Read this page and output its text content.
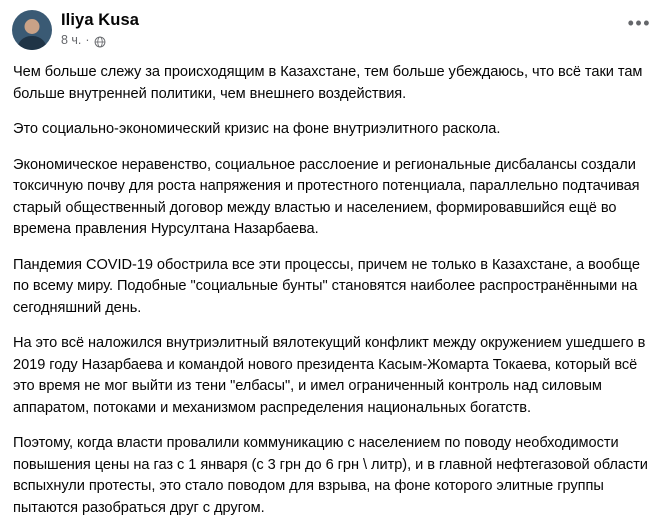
Iliya Kusa
8 ч. ·
•••

Чем больше слежу за происходящим в Казахстане, тем больше убеждаюсь, что всё таки там больше внутренней политики, чем внешнего воздействия.

Это социально-экономический кризис на фоне внутриэлитного раскола.

Экономическое неравенство, социальное расслоение и региональные дисбалансы создали токсичную почву для роста напряжения и протестного потенциала, параллельно подтачивая старый общественный договор между властью и населением, формировавшийся ещё во времена правления Нурсултана Назарбаева.

Пандемия COVID-19 обострила все эти процессы, причем не только в Казахстане, а вообще по всему миру. Подобные "социальные бунты" становятся наиболее распространёнными на сегодняшний день.

На это всё наложился внутриэлитный вялотекущий конфликт между окружением ушедшего в 2019 году Назарбаева и командой нового президента Касым-Жомарта Токаева, который всё это время не мог выйти из тени "елбасы", и имел ограниченный контроль над силовым аппаратом, потоками и механизмом распределения национальных богатств.

Поэтому, когда власти провалили коммуникацию с населением по поводу необходимости повышения цены на газ с 1 января (с 3 грн до 6 грн \ литр), и в главной нефтегазовой области вспыхнули протесты, это стало поводом для взрыва, на фоне которого элитные группы пытаются разобраться друг с другом.
